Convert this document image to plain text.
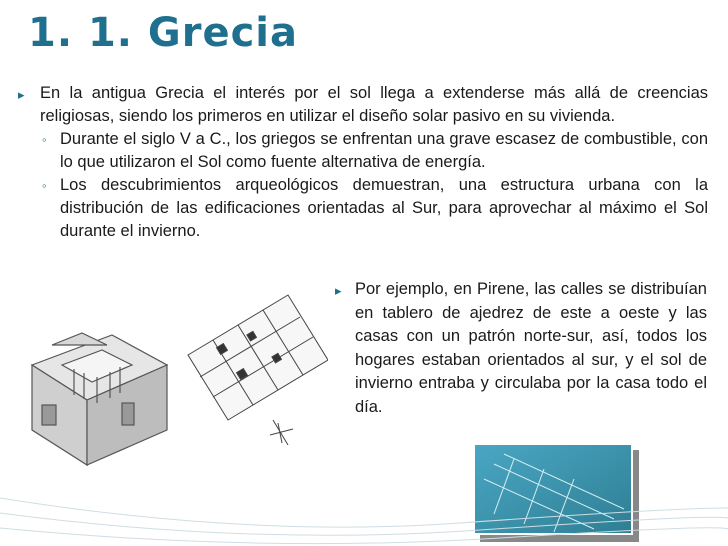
1. 1. Grecia
▸ En la antigua Grecia el interés por el sol llega a extenderse más allá de creencias religiosas, siendo los primeros en utilizar el diseño solar pasivo en su vivienda.
◦ Durante el siglo V a C., los griegos se enfrentan una grave escasez de combustible, con lo que utilizaron el Sol como fuente alternativa de energía.
◦ Los descubrimientos arqueológicos demuestran, una estructura urbana con la distribución de las edificaciones orientadas al Sur, para aprovechar al máximo el Sol durante el invierno.
▸ Por ejemplo, en Pirene, las calles se distribuían en tablero de ajedrez de este a oeste y las casas con un patrón norte-sur, así, todos los hogares estaban orientados al sur, y el sol de invierno entraba y circulaba por la casa todo el día.
